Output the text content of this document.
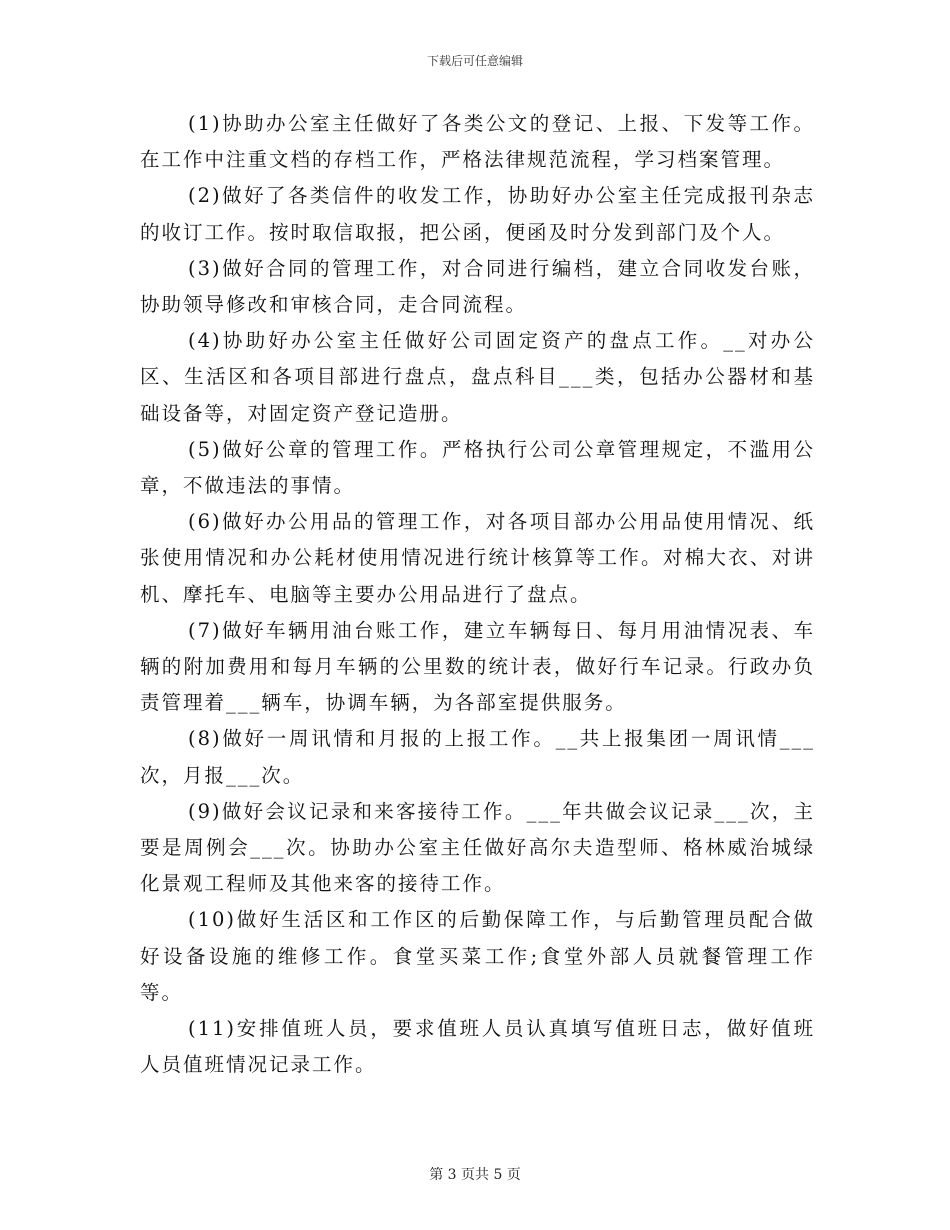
下载后可任意编辑

(1)协助办公室主任做好了各类公文的登记、上报、下发等工作。在工作中注重文档的存档工作，严格法律规范流程，学习档案管理。

(2)做好了各类信件的收发工作，协助好办公室主任完成报刊杂志的收订工作。按时取信取报，把公函，便函及时分发到部门及个人。

(3)做好合同的管理工作，对合同进行编档，建立合同收发台账，协助领导修改和审核合同，走合同流程。

(4)协助好办公室主任做好公司固定资产的盘点工作。__对办公区、生活区和各项目部进行盘点，盘点科目___类，包括办公器材和基础设备等，对固定资产登记造册。

(5)做好公章的管理工作。严格执行公司公章管理规定，不滥用公章，不做违法的事情。

(6)做好办公用品的管理工作，对各项目部办公用品使用情况、纸张使用情况和办公耗材使用情况进行统计核算等工作。对棉大衣、对讲机、摩托车、电脑等主要办公用品进行了盘点。

(7)做好车辆用油台账工作，建立车辆每日、每月用油情况表、车辆的附加费用和每月车辆的公里数的统计表，做好行车记录。行政办负责管理着___辆车，协调车辆，为各部室提供服务。

(8)做好一周讯情和月报的上报工作。__共上报集团一周讯情___次，月报___次。

(9)做好会议记录和来客接待工作。___年共做会议记录___次，主要是周例会___次。协助办公室主任做好高尔夫造型师、格林威治城绿化景观工程师及其他来客的接待工作。

(10)做好生活区和工作区的后勤保障工作，与后勤管理员配合做好设备设施的维修工作。食堂买菜工作;食堂外部人员就餐管理工作等。

(11)安排值班人员，要求值班人员认真填写值班日志，做好值班人员值班情况记录工作。

第 3 页共 5 页
